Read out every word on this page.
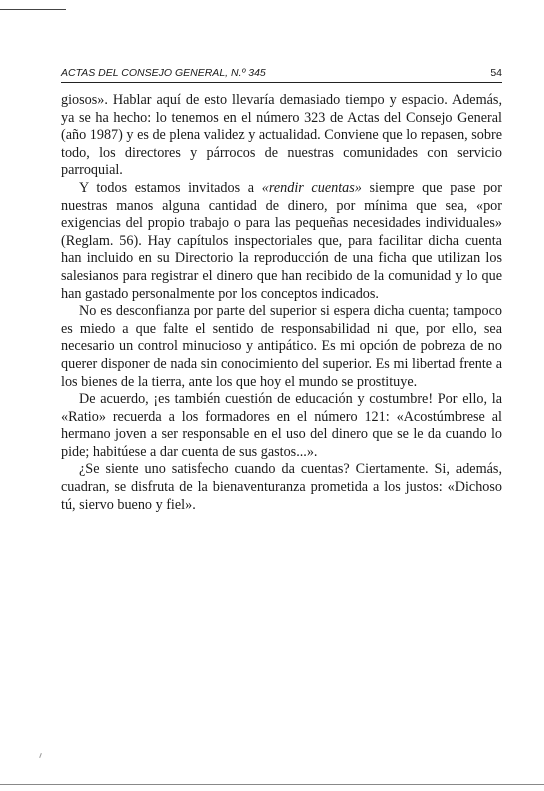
ACTAS DEL CONSEJO GENERAL, N.º 345	54

giosos». Hablar aquí de esto llevaría demasiado tiempo y espacio. Además, ya se ha hecho: lo tenemos en el número 323 de Actas del Consejo General (año 1987) y es de plena validez y actualidad. Conviene que lo repasen, sobre todo, los directores y párrocos de nuestras comunidades con servicio parroquial.

Y todos estamos invitados a «rendir cuentas» siempre que pase por nuestras manos alguna cantidad de dinero, por mínima que sea, «por exigencias del propio trabajo o para las pequeñas necesidades individuales» (Reglam. 56). Hay capítulos inspectoriales que, para facilitar dicha cuenta han incluido en su Directorio la reproducción de una ficha que utilizan los salesianos para registrar el dinero que han recibido de la comunidad y lo que han gastado personalmente por los conceptos indicados.

No es desconfianza por parte del superior si espera dicha cuenta; tampoco es miedo a que falte el sentido de responsabilidad ni que, por ello, sea necesario un control minucioso y antipático. Es mi opción de pobreza de no querer disponer de nada sin conocimiento del superior. Es mi libertad frente a los bienes de la tierra, ante los que hoy el mundo se prostituye.

De acuerdo, ¡es también cuestión de educación y costumbre! Por ello, la «Ratio» recuerda a los formadores en el número 121: «Acostúmbrese al hermano joven a ser responsable en el uso del dinero que se le da cuando lo pide; habitúese a dar cuenta de sus gastos...».

¿Se siente uno satisfecho cuando da cuentas? Ciertamente. Si, además, cuadran, se disfruta de la bienaventuranza prometida a los justos: «Dichoso tú, siervo bueno y fiel».
